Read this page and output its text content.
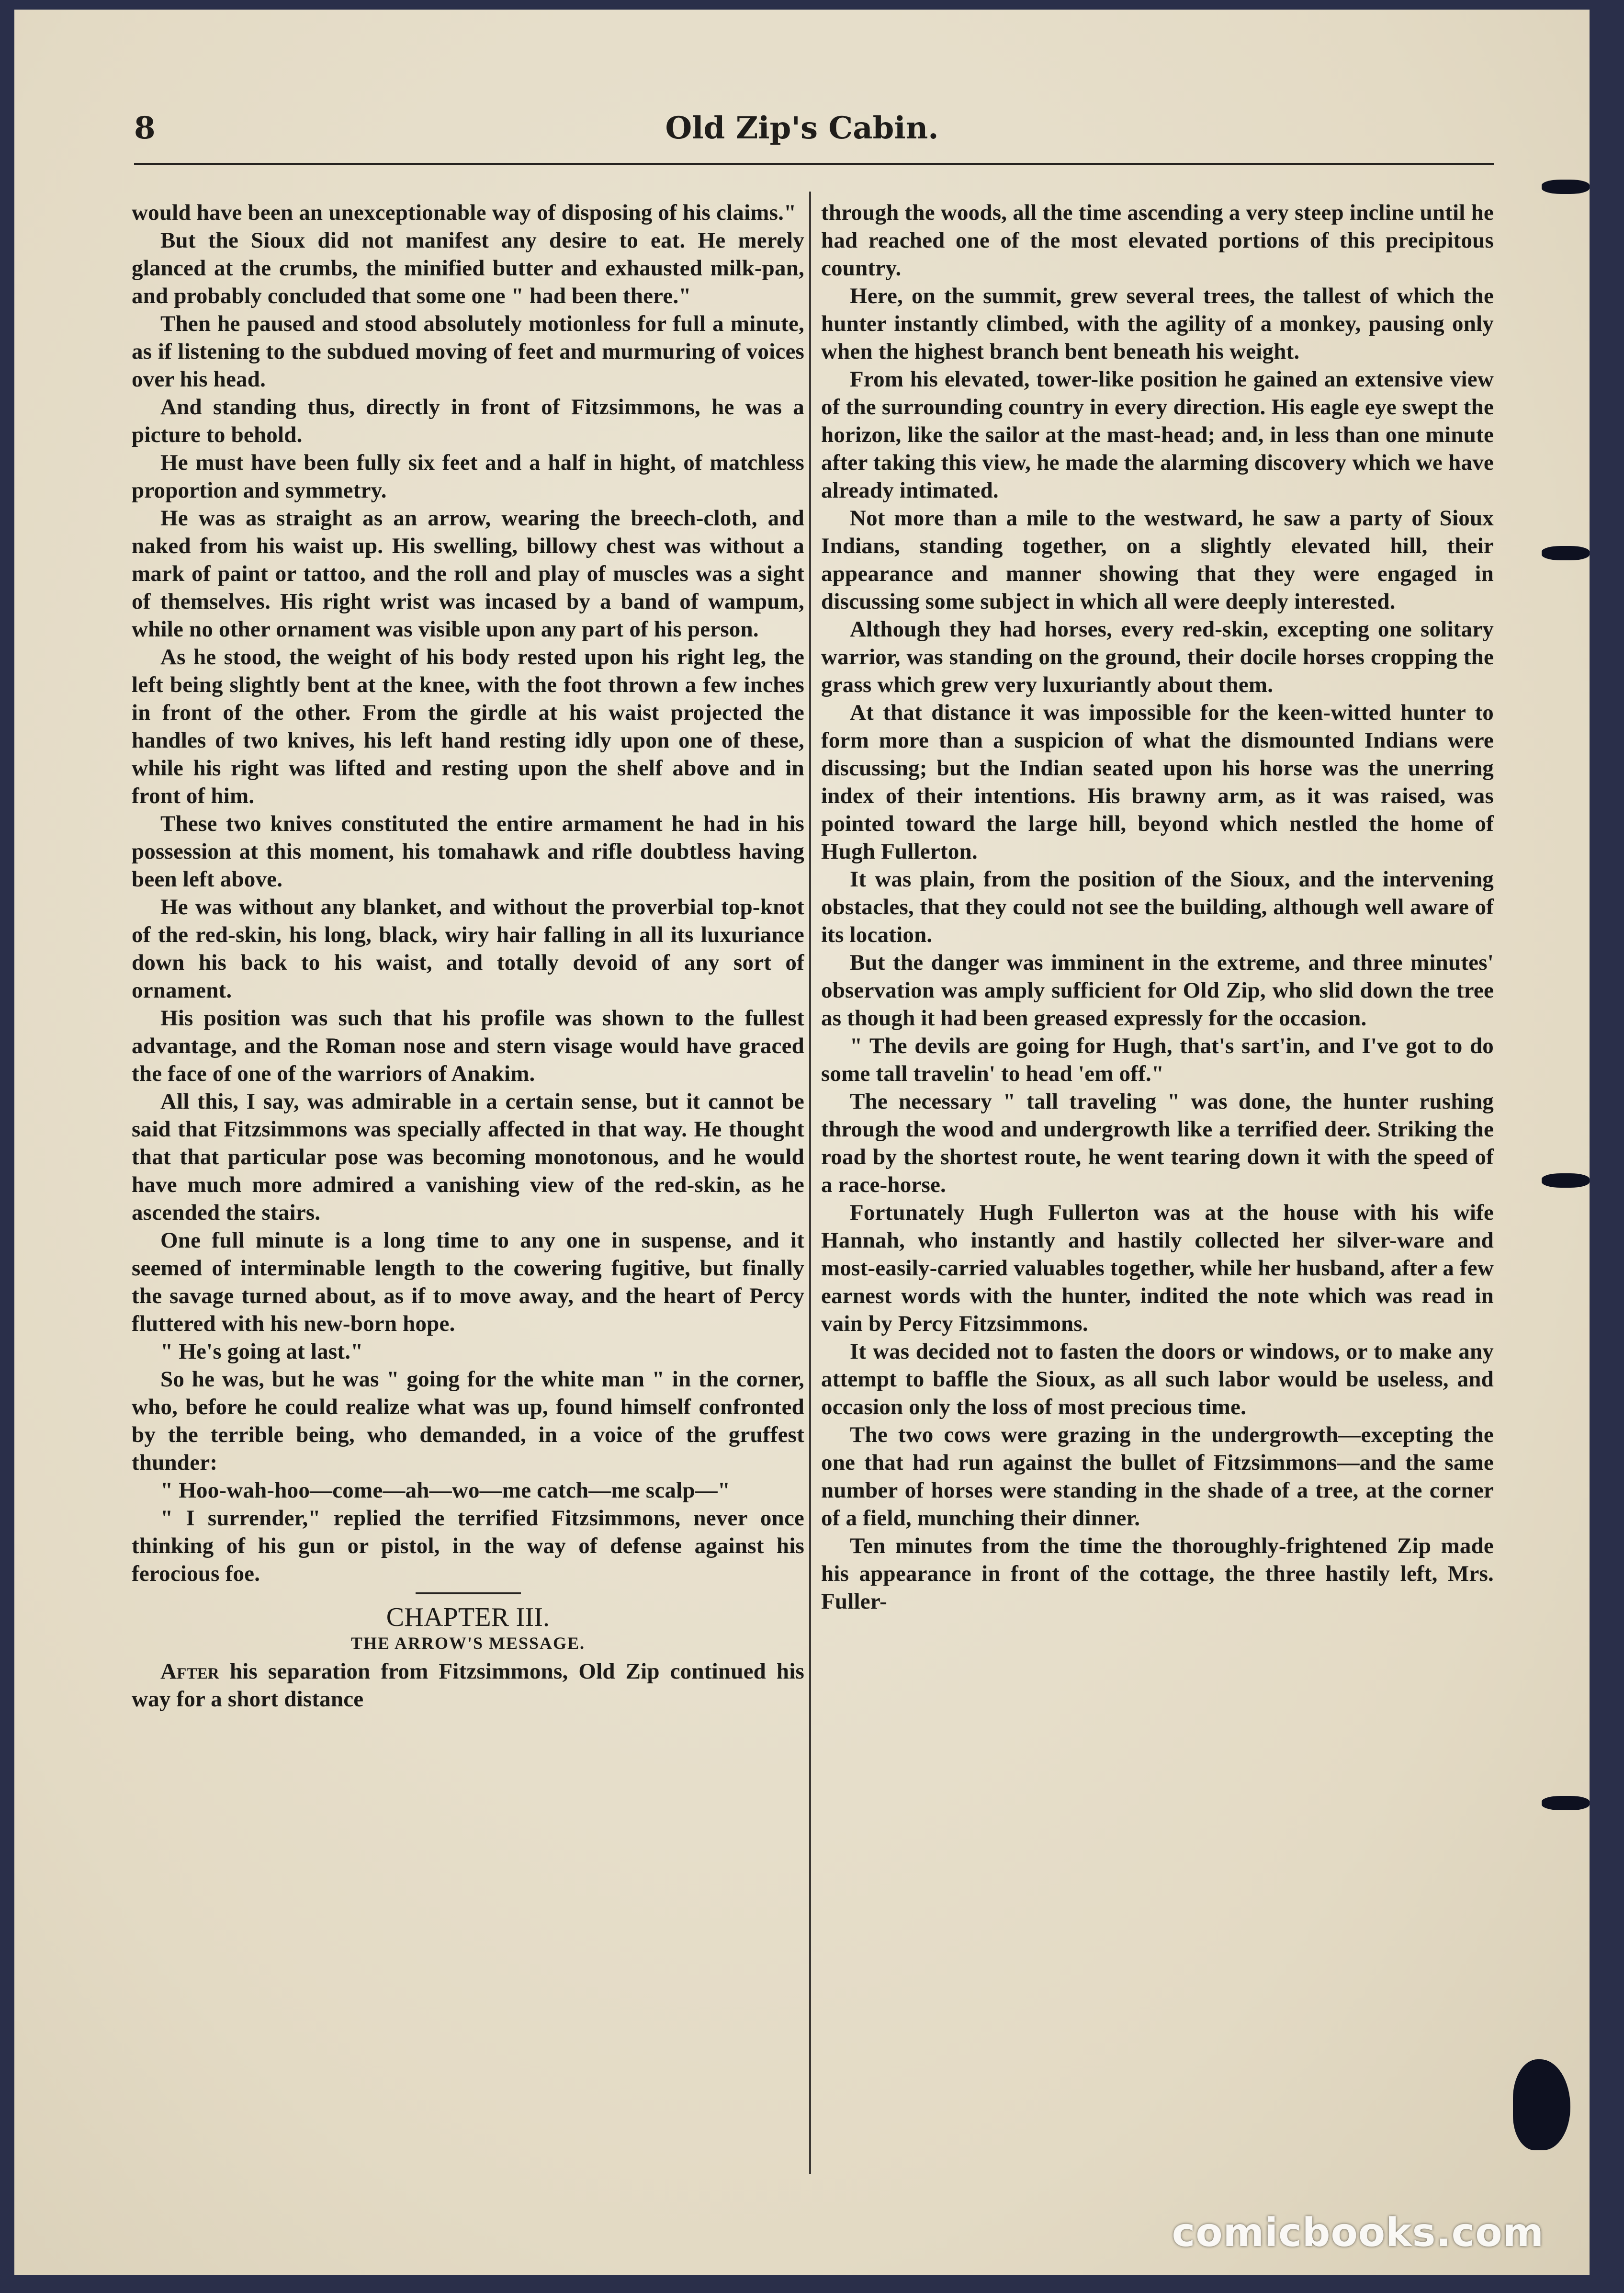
8	Old Zip's Cabin.

would have been an unexceptionable way of disposing of his claims."

But the Sioux did not manifest any desire to eat. He merely glanced at the crumbs, the minified butter and exhausted milk-pan, and probably concluded that some one " had been there."

Then he paused and stood absolutely motionless for full a minute, as if listening to the subdued moving of feet and murmuring of voices over his head.

And standing thus, directly in front of Fitzsimmons, he was a picture to behold.

He must have been fully six feet and a half in hight, of matchless proportion and symmetry.

He was as straight as an arrow, wearing the breech-cloth, and naked from his waist up. His swelling, billowy chest was without a mark of paint or tattoo, and the roll and play of muscles was a sight of themselves. His right wrist was incased by a band of wampum, while no other ornament was visible upon any part of his person.

As he stood, the weight of his body rested upon his right leg, the left being slightly bent at the knee, with the foot thrown a few inches in front of the other. From the girdle at his waist projected the handles of two knives, his left hand resting idly upon one of these, while his right was lifted and resting upon the shelf above and in front of him.

These two knives constituted the entire armament he had in his possession at this moment, his tomahawk and rifle doubtless having been left above.

He was without any blanket, and without the proverbial top-knot of the red-skin, his long, black, wiry hair falling in all its luxuriance down his back to his waist, and totally devoid of any sort of ornament.

His position was such that his profile was shown to the fullest advantage, and the Roman nose and stern visage would have graced the face of one of the warriors of Anakim.

All this, I say, was admirable in a certain sense, but it cannot be said that Fitzsimmons was specially affected in that way. He thought that that particular pose was becoming monotonous, and he would have much more admired a vanishing view of the red-skin, as he ascended the stairs.

One full minute is a long time to any one in suspense, and it seemed of interminable length to the cowering fugitive, but finally the savage turned about, as if to move away, and the heart of Percy fluttered with his new-born hope.

" He's going at last."

So he was, but he was " going for the white man " in the corner, who, before he could realize what was up, found himself confronted by the terrible being, who demanded, in a voice of the gruffest thunder:

" Hoo-wah-hoo—come—ah—wo—me catch—me scalp—"

" I surrender," replied the terrified Fitzsimmons, never once thinking of his gun or pistol, in the way of defense against his ferocious foe.

CHAPTER III.
THE ARROW'S MESSAGE.

After his separation from Fitzsimmons, Old Zip continued his way for a short distance

through the woods, all the time ascending a very steep incline until he had reached one of the most elevated portions of this precipitous country.

Here, on the summit, grew several trees, the tallest of which the hunter instantly climbed, with the agility of a monkey, pausing only when the highest branch bent beneath his weight.

From his elevated, tower-like position he gained an extensive view of the surrounding country in every direction. His eagle eye swept the horizon, like the sailor at the mast-head; and, in less than one minute after taking this view, he made the alarming discovery which we have already intimated.

Not more than a mile to the westward, he saw a party of Sioux Indians, standing together, on a slightly elevated hill, their appearance and manner showing that they were engaged in discussing some subject in which all were deeply interested.

Although they had horses, every red-skin, excepting one solitary warrior, was standing on the ground, their docile horses cropping the grass which grew very luxuriantly about them.

At that distance it was impossible for the keen-witted hunter to form more than a suspicion of what the dismounted Indians were discussing; but the Indian seated upon his horse was the unerring index of their intentions. His brawny arm, as it was raised, was pointed toward the large hill, beyond which nestled the home of Hugh Fullerton.

It was plain, from the position of the Sioux, and the intervening obstacles, that they could not see the building, although well aware of its location.

But the danger was imminent in the extreme, and three minutes' observation was amply sufficient for Old Zip, who slid down the tree as though it had been greased expressly for the occasion.

" The devils are going for Hugh, that's sart'in, and I've got to do some tall travelin' to head 'em off."

The necessary " tall traveling " was done, the hunter rushing through the wood and undergrowth like a terrified deer. Striking the road by the shortest route, he went tearing down it with the speed of a race-horse.

Fortunately Hugh Fullerton was at the house with his wife Hannah, who instantly and hastily collected her silver-ware and most-easily-carried valuables together, while her husband, after a few earnest words with the hunter, indited the note which was read in vain by Percy Fitzsimmons.

It was decided not to fasten the doors or windows, or to make any attempt to baffle the Sioux, as all such labor would be useless, and occasion only the loss of most precious time.

The two cows were grazing in the undergrowth—excepting the one that had run against the bullet of Fitzsimmons—and the same number of horses were standing in the shade of a tree, at the corner of a field, munching their dinner.

Ten minutes from the time the thoroughly-frightened Zip made his appearance in front of the cottage, the three hastily left, Mrs. Fuller-

comicbooks.com
